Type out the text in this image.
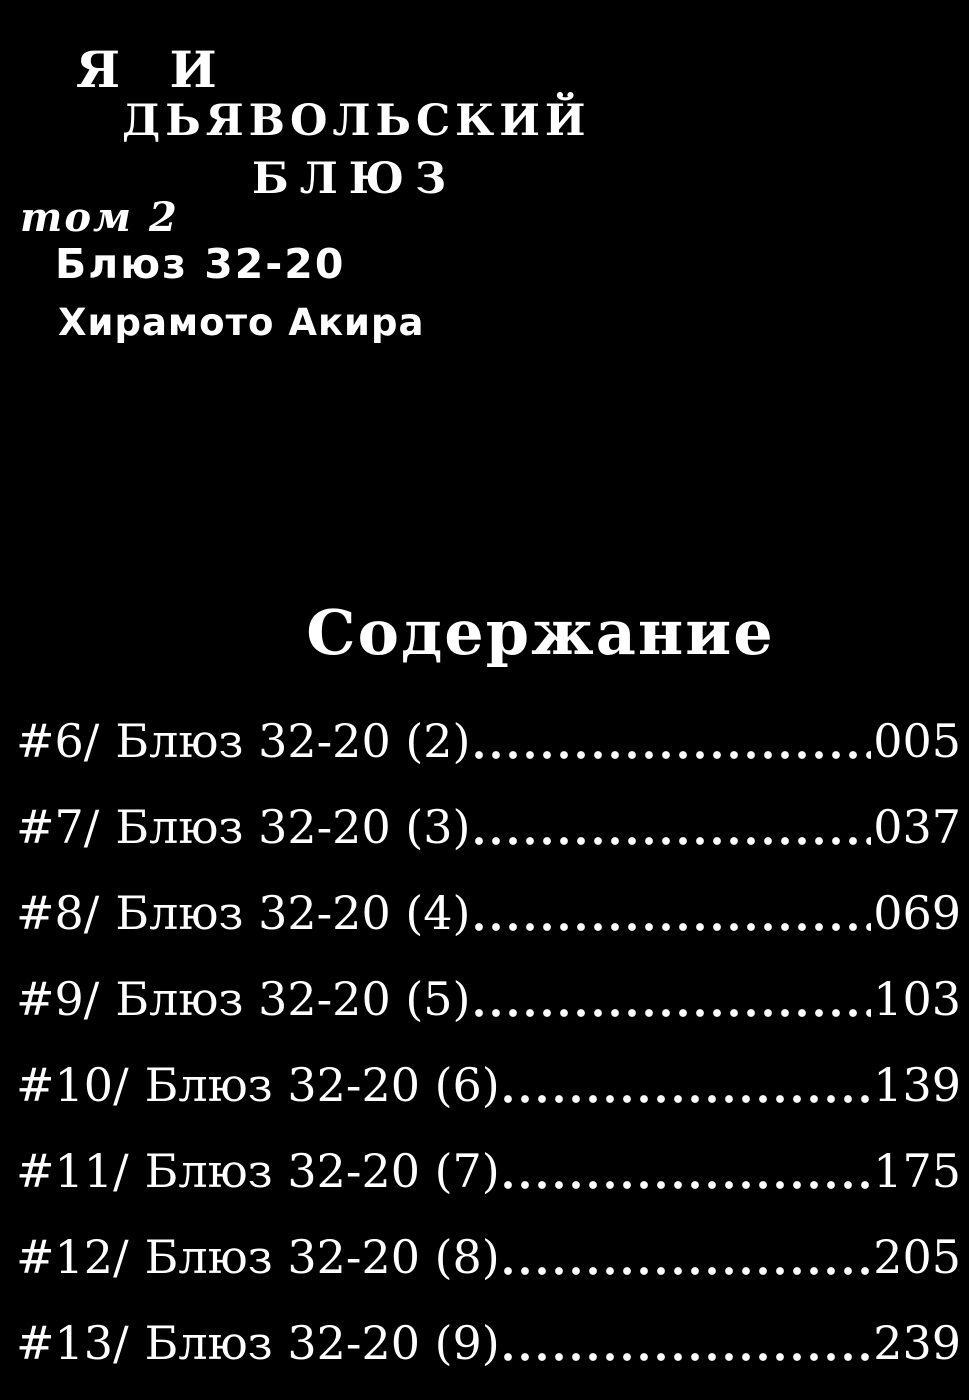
Я И
ДЬЯВОЛЬСКИЙ
БЛЮЗ
том 2
Блюз 32-20
Хирамото Акира
Содержание
#6/ Блюз 32-20 (2)	005
#7/ Блюз 32-20 (3)	037
#8/ Блюз 32-20 (4)	069
#9/ Блюз 32-20 (5)	103
#10/ Блюз 32-20 (6)	139
#11/ Блюз 32-20 (7)	175
#12/ Блюз 32-20 (8)	205
#13/ Блюз 32-20 (9)	239
